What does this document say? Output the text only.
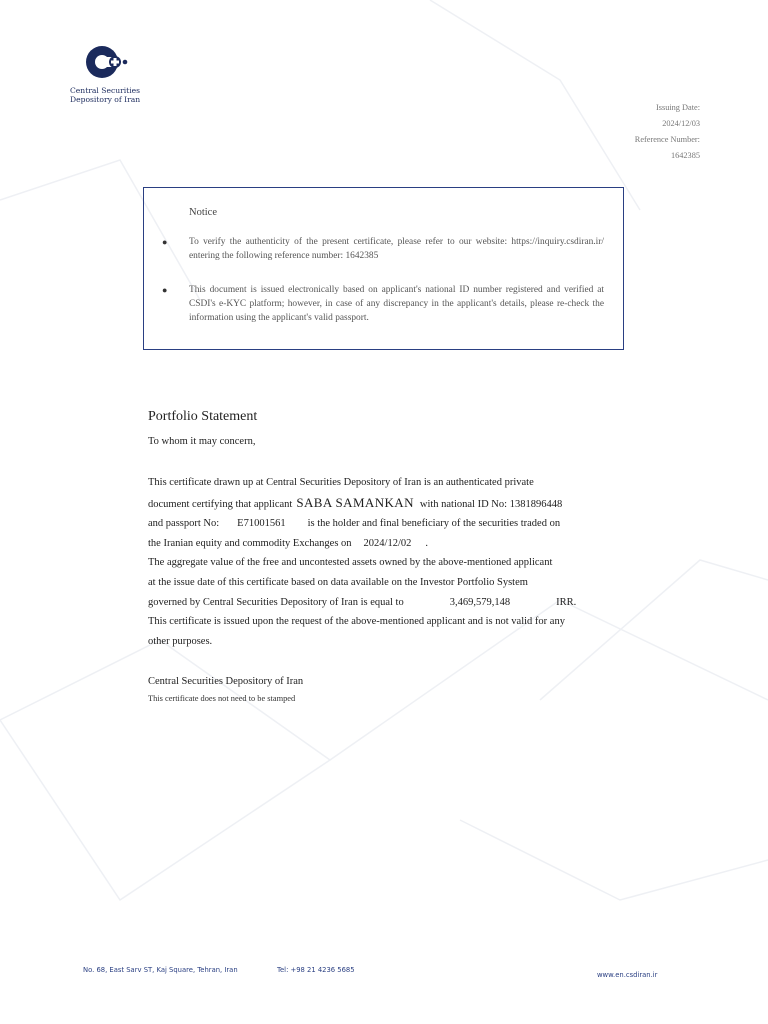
Central Securities
Depository of Iran
Issuing Date:
2024/12/03
Reference Number:
1642385
Notice
● To verify the authenticity of the present certificate, please refer to our website: https://inquiry.csdiran.ir/ entering the following reference number: 1642385
● This document is issued electronically based on applicant's national ID number registered and verified at CSDI's e-KYC platform; however, in case of any discrepancy in the applicant's details, please re-check the information using the applicant's valid passport.
Portfolio Statement
To whom it may concern,
This certificate drawn up at Central Securities Depository of Iran is an authenticated private
document certifying that applicant SABA SAMANKAN with national ID No: 1381896448
and passport No: E71001561 is the holder and final beneficiary of the securities traded on
the Iranian equity and commodity Exchanges on 2024/12/02 .
The aggregate value of the free and uncontested assets owned by the above-mentioned applicant
at the issue date of this certificate based on data available on the Investor Portfolio System
governed by Central Securities Depository of Iran is equal to	3,469,579,148	IRR.
This certificate is issued upon the request of the above-mentioned applicant and is not valid for any
other purposes.
Central Securities Depository of Iran
This certificate does not need to be stamped
No. 68, East Sarv ST, Kaj Square, Tehran, Iran	Tel: +98 21 4236 5685
www.en.csdiran.ir
